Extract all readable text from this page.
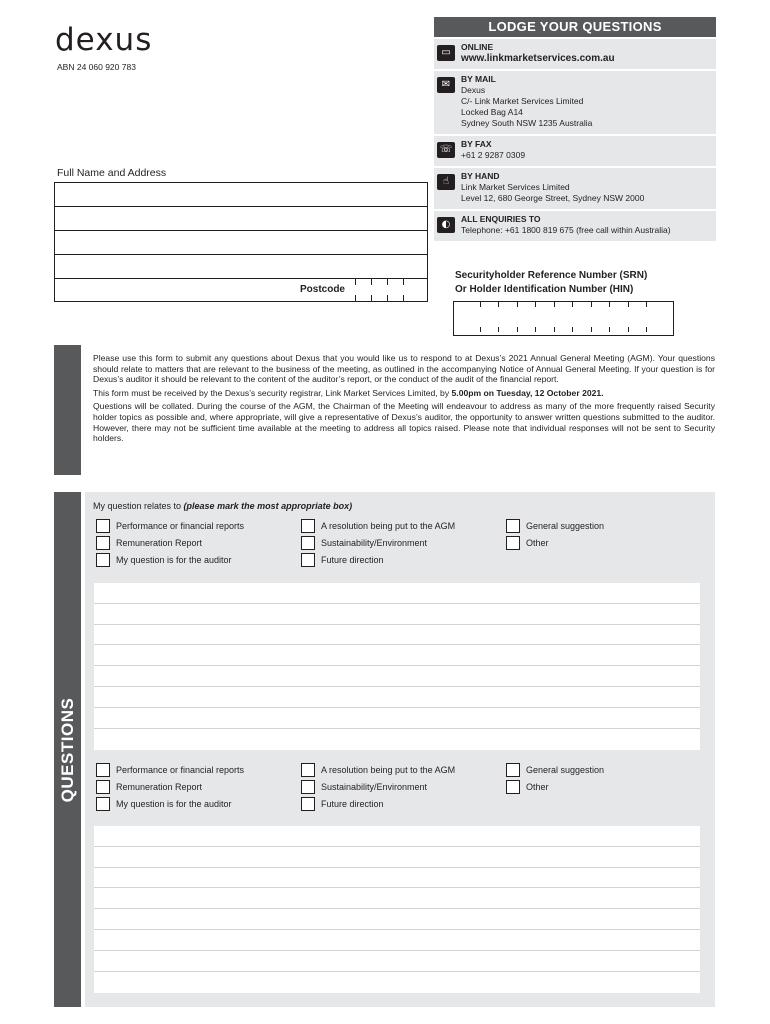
dexus
ABN 24 060 920 783
LODGE YOUR QUESTIONS
▭	ONLINE
www.linkmarketservices.com.au
✉	BY MAIL
Dexus
C/- Link Market Services Limited
Locked Bag A14
Sydney South NSW 1235 Australia
☏	BY FAX
+61 2 9287 0309
☝	BY HAND
Link Market Services Limited
Level 12, 680 George Street, Sydney NSW 2000
◐	ALL ENQUIRIES TO
Telephone: +61 1800 819 675 (free call within Australia)
Full Name and Address
Postcode
Securityholder Reference Number (SRN)
Or Holder Identification Number (HIN)

Please use this form to submit any questions about Dexus that you would like us to respond to at Dexus’s 2021 Annual General Meeting (AGM). Your questions should relate to matters that are relevant to the business of the meeting, as outlined in the accompanying Notice of Annual General Meeting. If your question is for Dexus’s auditor it should be relevant to the content of the auditor’s report, or the conduct of the audit of the financial report.

This form must be received by the Dexus’s security registrar, Link Market Services Limited, by 5.00pm on Tuesday, 12 October 2021.

Questions will be collated. During the course of the AGM, the Chairman of the Meeting will endeavour to address as many of the more frequently raised Security holder topics as possible and, where appropriate, will give a representative of Dexus’s auditor, the opportunity to answer written questions submitted to the auditor. However, there may not be sufficient time available at the meeting to address all topics raised. Please note that individual responses will not be sent to Security holders.

QUESTIONS
My question relates to (please mark the most appropriate box)
Performance or financial reports
Remuneration Report
My question is for the auditor
A resolution being put to the AGM
Sustainability/Environment
Future direction
General suggestion
Other
Performance or financial reports
Remuneration Report
My question is for the auditor
A resolution being put to the AGM
Sustainability/Environment
Future direction
General suggestion
Other
